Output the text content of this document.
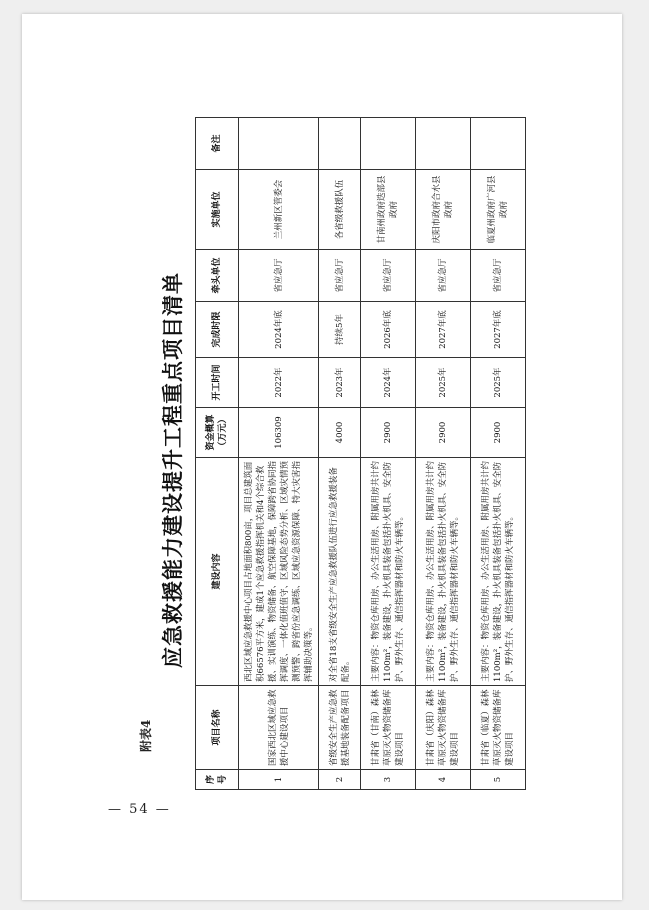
— 54 —
附表4
应急救援能力建设提升工程重点项目清单
序号	项目名称	建设内容	资金概算（万元）	开工时间	完成时限	牵头单位	实施单位	备注
1	国家西北区域应急救援中心建设项目	西北区域应急救援中心项目占地面积800亩，项目总建筑面积66576平方米，建成1个应急救援指挥机关和4个综合救援、实训演练、物资储备、航空保障基地，保障跨省协同指挥调度、一体化值班值守、区域风险态势分析、区域灾情预测预警、跨省份应急调练、区域应急资源保障、特大灾害指挥辅助决策等。	106309	2022年	2024年底	省应急厅	兰州新区管委会	
2	省级安全生产应急救援基地装备配备项目	对全省18支省级安全生产应急救援队伍进行应急救援装备配备。	4000	2023年	持续5年	省应急厅	各省级救援队伍	
3	甘肃省（甘南）森林草原灭火物资储备库建设项目	主要内容：物资仓库用房、办公生活用房、附属用房共计约1100m²，装备建设，扑火机具装备包括扑火机具、安全防护、野外生存、通信指挥器材和防火车辆等。	2900	2024年	2026年底	省应急厅	甘南州政府迭部县政府	
4	甘肃省（庆阳）森林草原灭火物资储备库建设项目	主要内容：物资仓库用房、办公生活用房、附属用房共计约1100m²，装备建设，扑火机具装备包括扑火机具、安全防护、野外生存、通信指挥器材和防火车辆等。	2900	2025年	2027年底	省应急厅	庆阳市政府合水县政府	
5	甘肃省（临夏）森林草原灭火物资储备库建设项目	主要内容：物资仓库用房、办公生活用房、附属用房共计约1100m²，装备建设，扑火机具装备包括扑火机具、安全防护、野外生存、通信指挥器材和防火车辆等。	2900	2025年	2027年底	省应急厅	临夏州政府广河县政府	
